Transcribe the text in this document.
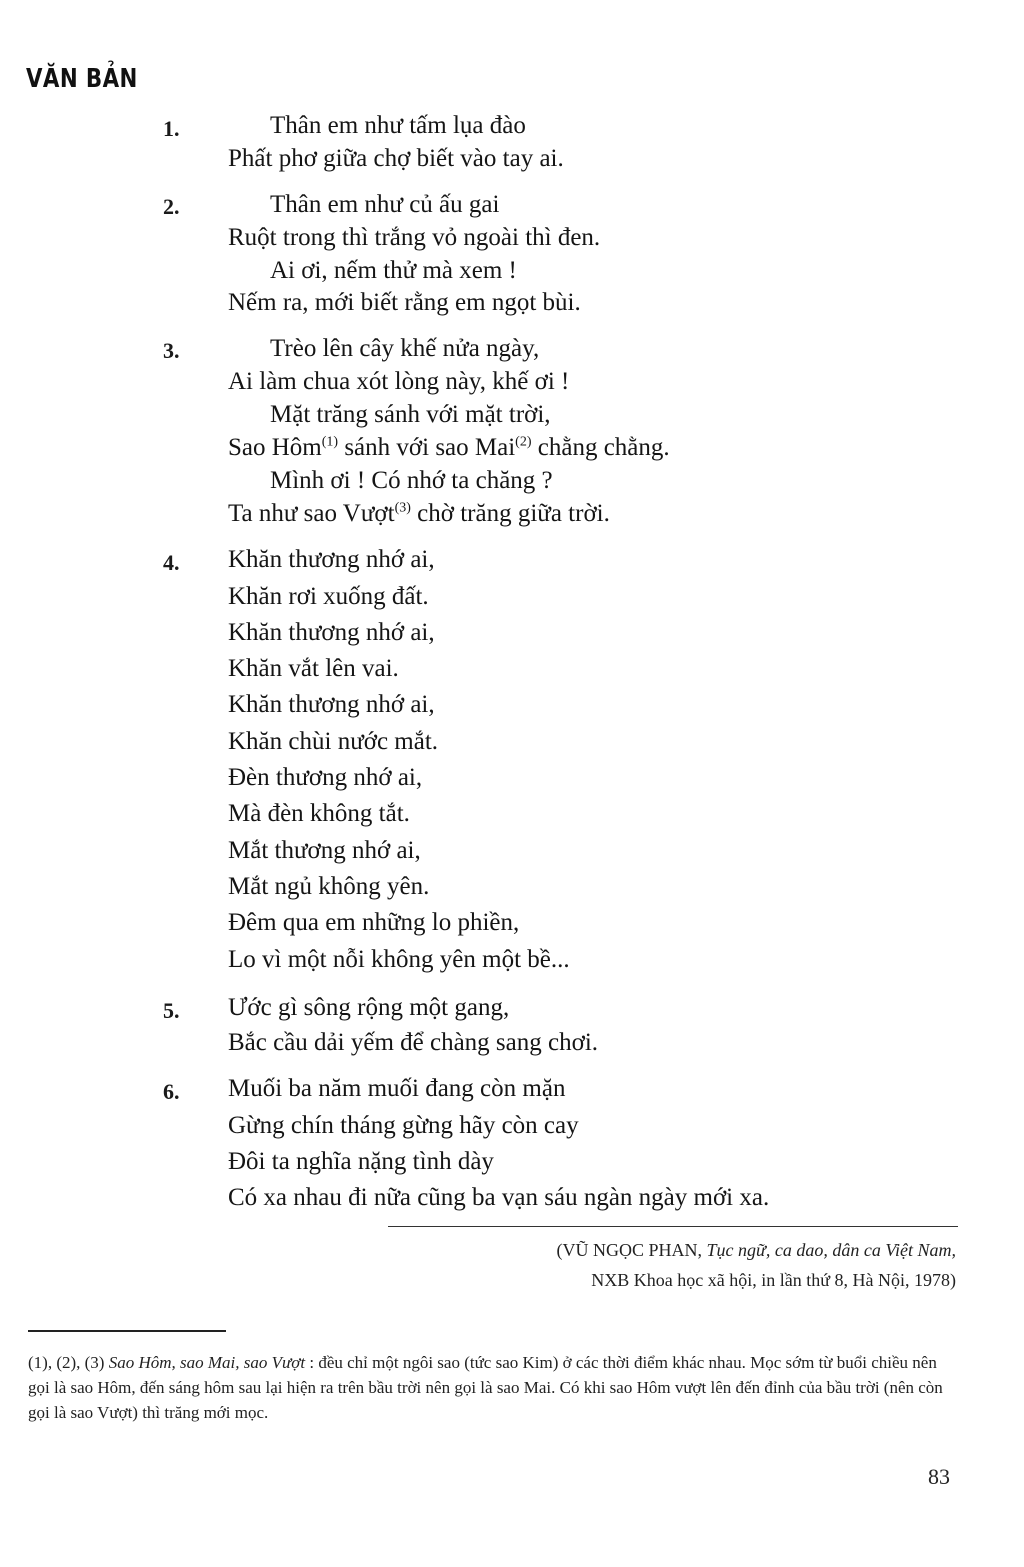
VĂN BẢN
1.	Thân em như tấm lụa đào
Phất phơ giữa chợ biết vào tay ai.
2.	Thân em như củ ấu gai
Ruột trong thì trắng vỏ ngoài thì đen.
Ai ơi, nếm thử mà xem !
Nếm ra, mới biết rằng em ngọt bùi.
3.	Trèo lên cây khế nửa ngày,
Ai làm chua xót lòng này, khế ơi !
Mặt trăng sánh với mặt trời,
Sao Hôm$^{(1)}$ sánh với sao Mai$^{(2)}$ chằng chằng.
Mình ơi ! Có nhớ ta chăng ?
Ta như sao Vượt$^{(3)}$ chờ trăng giữa trời.
4. Khăn thương nhớ ai,
Khăn rơi xuống đất.
Khăn thương nhớ ai,
Khăn vắt lên vai.
Khăn thương nhớ ai,
Khăn chùi nước mắt.
Đèn thương nhớ ai,
Mà đèn không tắt.
Mắt thương nhớ ai,
Mắt ngủ không yên.
Đêm qua em những lo phiền,
Lo vì một nỗi không yên một bề...
5. Ước gì sông rộng một gang,
Bắc cầu dải yếm để chàng sang chơi.
6. Muối ba năm muối đang còn mặn
Gừng chín tháng gừng hãy còn cay
Đôi ta nghĩa nặng tình dày
Có xa nhau đi nữa cũng ba vạn sáu ngàn ngày mới xa.
(VŨ NGỌC PHAN, Tục ngữ, ca dao, dân ca Việt Nam,
NXB Khoa học xã hội, in lần thứ 8, Hà Nội, 1978)
(1), (2), (3) Sao Hôm, sao Mai, sao Vượt : đều chỉ một ngôi sao (tức sao Kim) ở các thời điểm khác nhau. Mọc sớm từ buổi chiều nên gọi là sao Hôm, đến sáng hôm sau lại hiện ra trên bầu trời nên gọi là sao Mai. Có khi sao Hôm vượt lên đến đỉnh của bầu trời (nên còn gọi là sao Vượt) thì trăng mới mọc.
83
